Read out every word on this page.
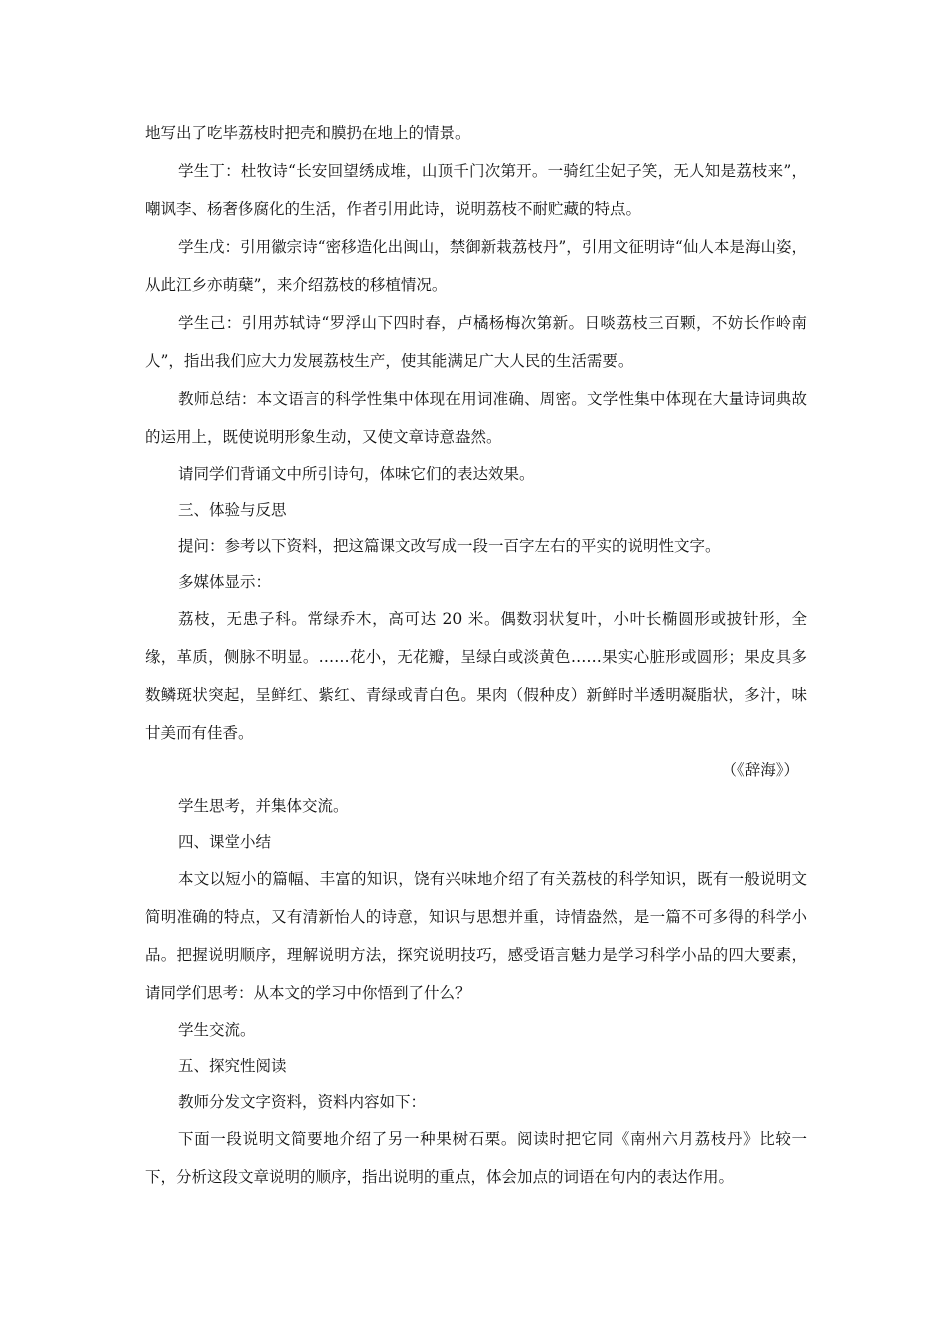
地写出了吃毕荔枝时把壳和膜扔在地上的情景。

学生丁：杜牧诗“长安回望绣成堆，山顶千门次第开。一骑红尘妃子笑，无人知是荔枝来”，嘲讽李、杨奢侈腐化的生活，作者引用此诗，说明荔枝不耐贮藏的特点。

学生戊：引用徽宗诗“密移造化出闽山，禁御新栽荔枝丹”，引用文征明诗“仙人本是海山姿，从此江乡亦萌蘖”，来介绍荔枝的移植情况。

学生己：引用苏轼诗“罗浮山下四时春，卢橘杨梅次第新。日啖荔枝三百颗，不妨长作岭南人”，指出我们应大力发展荔枝生产，使其能满足广大人民的生活需要。

教师总结：本文语言的科学性集中体现在用词准确、周密。文学性集中体现在大量诗词典故的运用上，既使说明形象生动，又使文章诗意盎然。

请同学们背诵文中所引诗句，体味它们的表达效果。

三、体验与反思

提问：参考以下资料，把这篇课文改写成一段一百字左右的平实的说明性文字。

多媒体显示：

荔枝，无患子科。常绿乔木，高可达 20 米。偶数羽状复叶，小叶长椭圆形或披针形，全缘，革质，侧脉不明显。……花小，无花瓣，呈绿白或淡黄色……果实心脏形或圆形；果皮具多数鳞斑状突起，呈鲜红、紫红、青绿或青白色。果肉（假种皮）新鲜时半透明凝脂状，多汁，味甘美而有佳香。

（《辞海》）

学生思考，并集体交流。

四、课堂小结

本文以短小的篇幅、丰富的知识，饶有兴味地介绍了有关荔枝的科学知识，既有一般说明文简明准确的特点，又有清新怡人的诗意，知识与思想并重，诗情盎然，是一篇不可多得的科学小品。把握说明顺序，理解说明方法，探究说明技巧，感受语言魅力是学习科学小品的四大要素，请同学们思考：从本文的学习中你悟到了什么？

学生交流。

五、探究性阅读

教师分发文字资料，资料内容如下：

下面一段说明文简要地介绍了另一种果树石栗。阅读时把它同《南州六月荔枝丹》比较一下，分析这段文章说明的顺序，指出说明的重点，体会加点的词语在句内的表达作用。
